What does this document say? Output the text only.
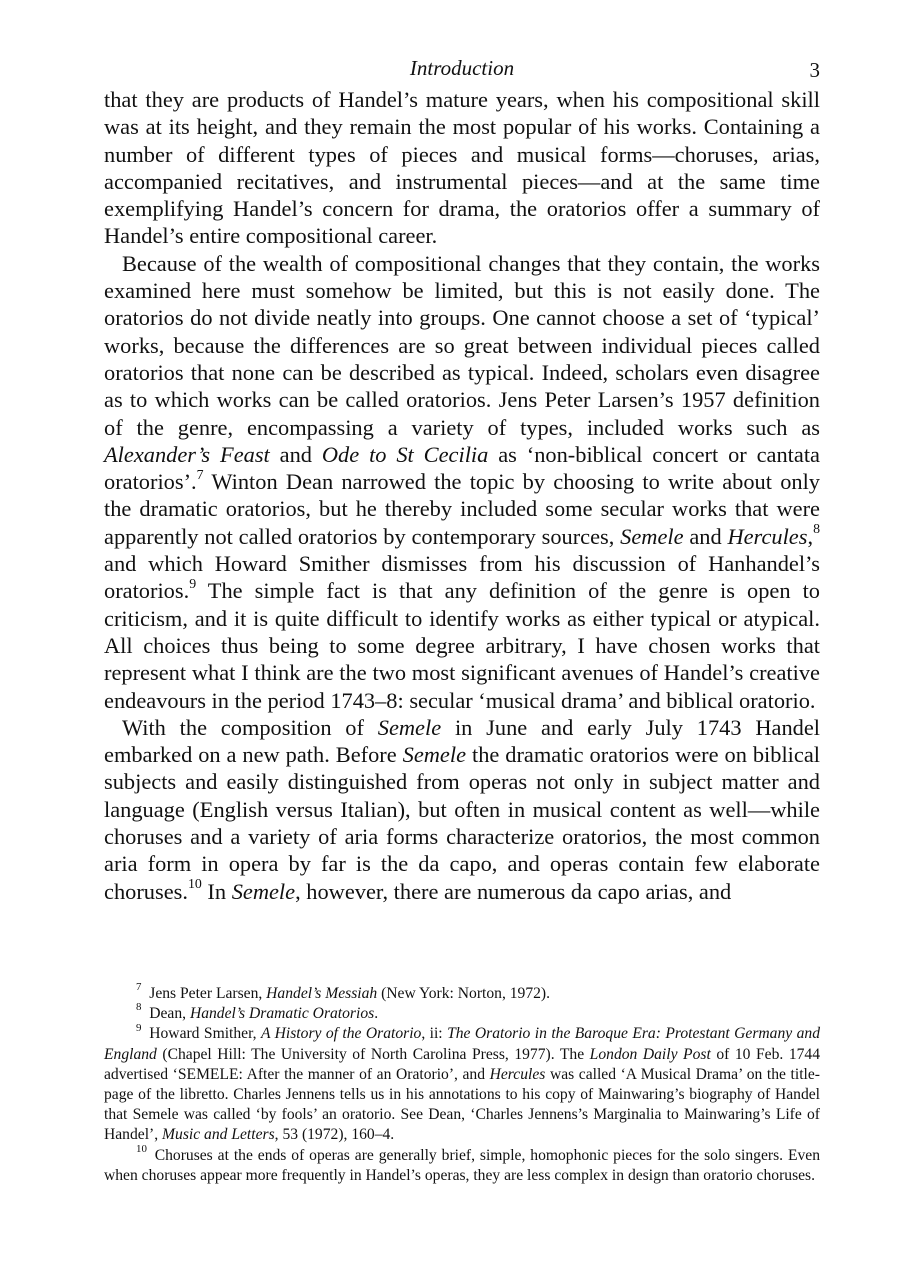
Introduction	3

that they are products of Handel’s mature years, when his compositional skill was at its height, and they remain the most popular of his works. Containing a number of different types of pieces and musical forms—choruses, arias, accompanied recitatives, and instrumental pieces—and at the same time exemplifying Handel’s concern for drama, the oratorios offer a summary of Handel’s entire compositional career.

Because of the wealth of compositional changes that they contain, the works examined here must somehow be limited, but this is not easily done. The oratorios do not divide neatly into groups. One cannot choose a set of ‘typical’ works, because the differences are so great between individual pieces called oratorios that none can be described as typical. Indeed, scholars even disagree as to which works can be called oratorios. Jens Peter Larsen’s 1957 definition of the genre, encompassing a variety of types, included works such as Alexander’s Feast and Ode to St Cecilia as ‘non-biblical concert or cantata oratorios’.$^7$ Winton Dean narrowed the topic by choosing to write about only the dramatic oratorios, but he thereby included some secular works that were apparently not called oratorios by contemporary sources, Semele and Hercules,$^8$ and which Howard Smither dismisses from his discussion of Hanhandel’s oratorios.$^9$ The simple fact is that any definition of the genre is open to criticism, and it is quite difficult to identify works as either typical or atypical. All choices thus being to some degree arbitrary, I have chosen works that represent what I think are the two most significant avenues of Handel’s creative endeavours in the period 1743–8: secular ‘musical drama’ and biblical oratorio.

With the composition of Semele in June and early July 1743 Handel embarked on a new path. Before Semele the dramatic oratorios were on biblical subjects and easily distinguished from operas not only in subject matter and language (English versus Italian), but often in musical content as well—while choruses and a variety of aria forms characterize oratorios, the most common aria form in opera by far is the da capo, and operas contain few elaborate choruses.$^{10}$ In Semele, however, there are numerous da capo arias, and

$^7$  Jens Peter Larsen, Handel’s Messiah (New York: Norton, 1972).

$^8$  Dean, Handel’s Dramatic Oratorios.

$^9$  Howard Smither, A History of the Oratorio, ii: The Oratorio in the Baroque Era: Protestant Germany and England (Chapel Hill: The University of North Carolina Press, 1977). The London Daily Post of 10 Feb. 1744 advertised ‘SEMELE: After the manner of an Oratorio’, and Hercules was called ‘A Musical Drama’ on the title-page of the libretto. Charles Jennens tells us in his annotations to his copy of Mainwaring’s biography of Handel that Semele was called ‘by fools’ an oratorio. See Dean, ‘Charles Jennens’s Marginalia to Mainwaring’s Life of Handel’, Music and Letters, 53 (1972), 160–4.

$^{10}$  Choruses at the ends of operas are generally brief, simple, homophonic pieces for the solo singers. Even when choruses appear more frequently in Handel’s operas, they are less complex in design than oratorio choruses.
